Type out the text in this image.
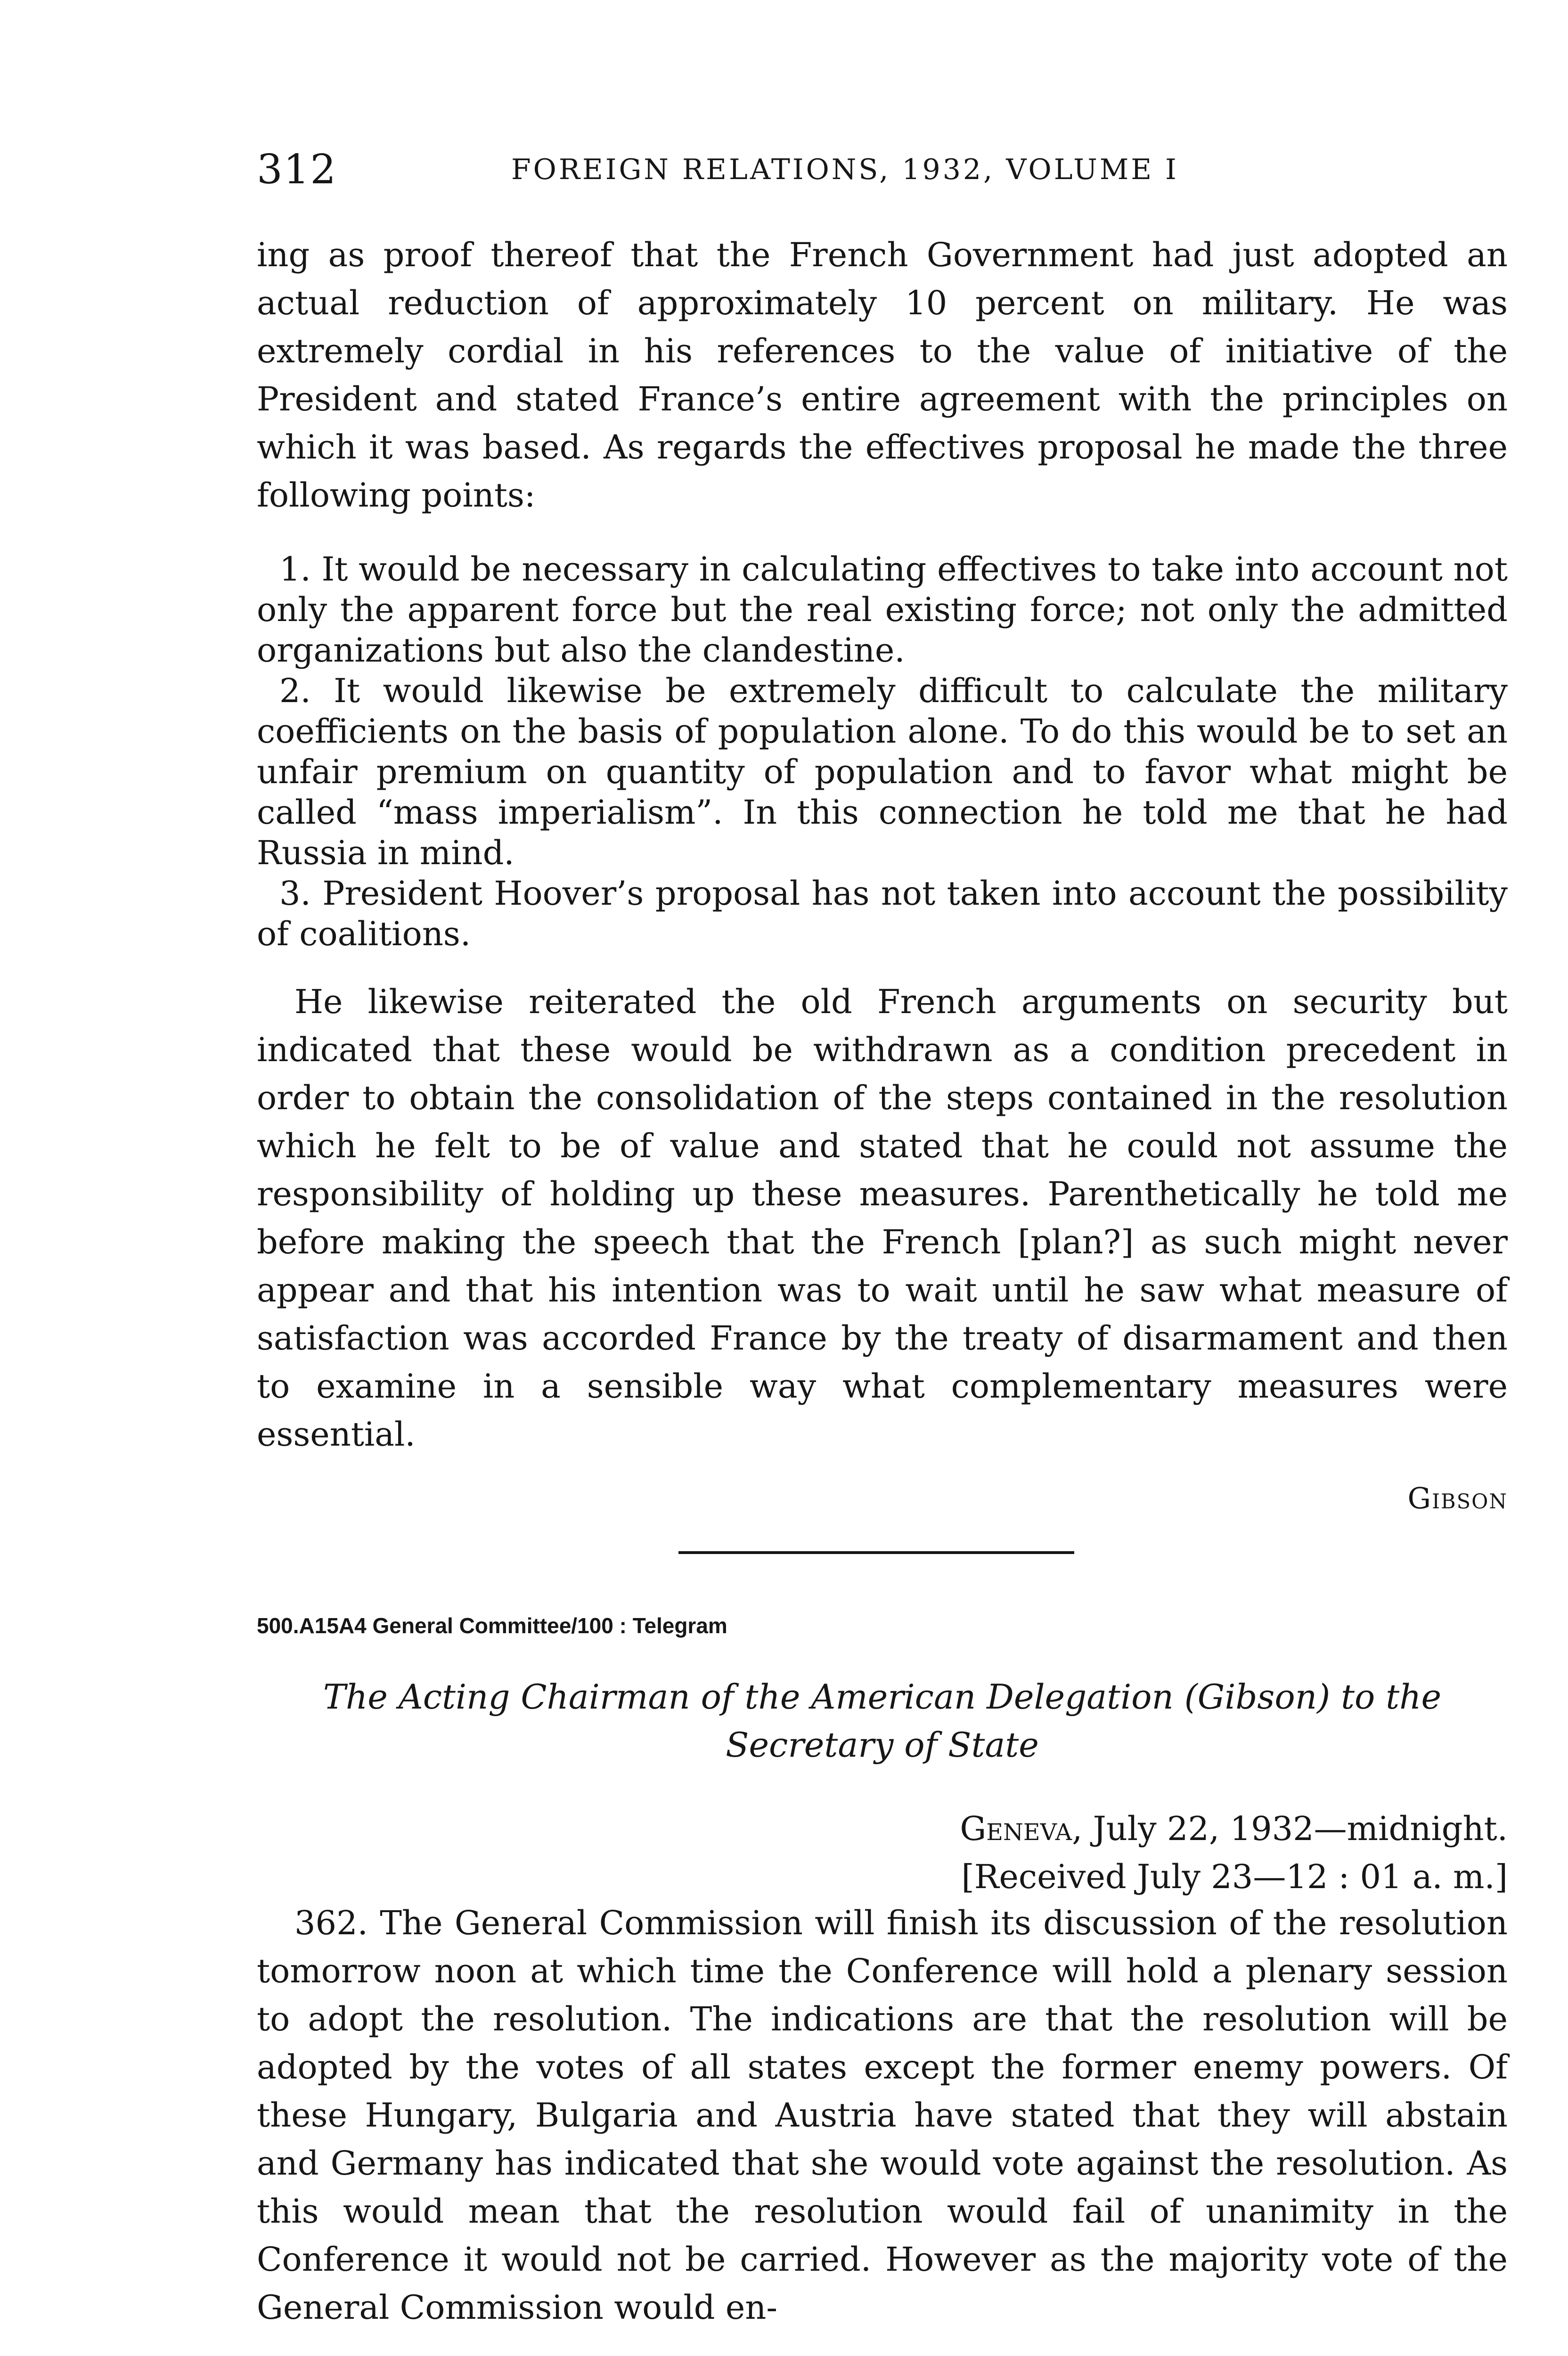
312	FOREIGN RELATIONS, 1932, VOLUME I

ing as proof thereof that the French Government had just adopted an actual reduction of approximately 10 percent on military. He was extremely cordial in his references to the value of initiative of the President and stated France’s entire agreement with the principles on which it was based. As regards the effectives proposal he made the three following points:

1. It would be necessary in calculating effectives to take into account not only the apparent force but the real existing force; not only the admitted organizations but also the clandestine.

2. It would likewise be extremely difficult to calculate the military coefficients on the basis of population alone. To do this would be to set an unfair premium on quantity of population and to favor what might be called “mass imperialism”. In this connection he told me that he had Russia in mind.

3. President Hoover’s proposal has not taken into account the possibility of coalitions.

He likewise reiterated the old French arguments on security but indicated that these would be withdrawn as a condition precedent in order to obtain the consolidation of the steps contained in the resolution which he felt to be of value and stated that he could not assume the responsibility of holding up these measures. Parenthetically he told me before making the speech that the French [plan?] as such might never appear and that his intention was to wait until he saw what measure of satisfaction was accorded France by the treaty of disarmament and then to examine in a sensible way what complementary measures were essential.

Gibson
500.A15A4 General Committee/100 : Telegram
The Acting Chairman of the American Delegation (Gibson) to the
Secretary of State
Geneva, July 22, 1932—midnight.
[Received July 23—12 : 01 a. m.]

362. The General Commission will finish its discussion of the resolution tomorrow noon at which time the Conference will hold a plenary session to adopt the resolution. The indications are that the resolution will be adopted by the votes of all states except the former enemy powers. Of these Hungary, Bulgaria and Austria have stated that they will abstain and Germany has indicated that she would vote against the resolution. As this would mean that the resolution would fail of unanimity in the Conference it would not be carried. However as the majority vote of the General Commission would en-
